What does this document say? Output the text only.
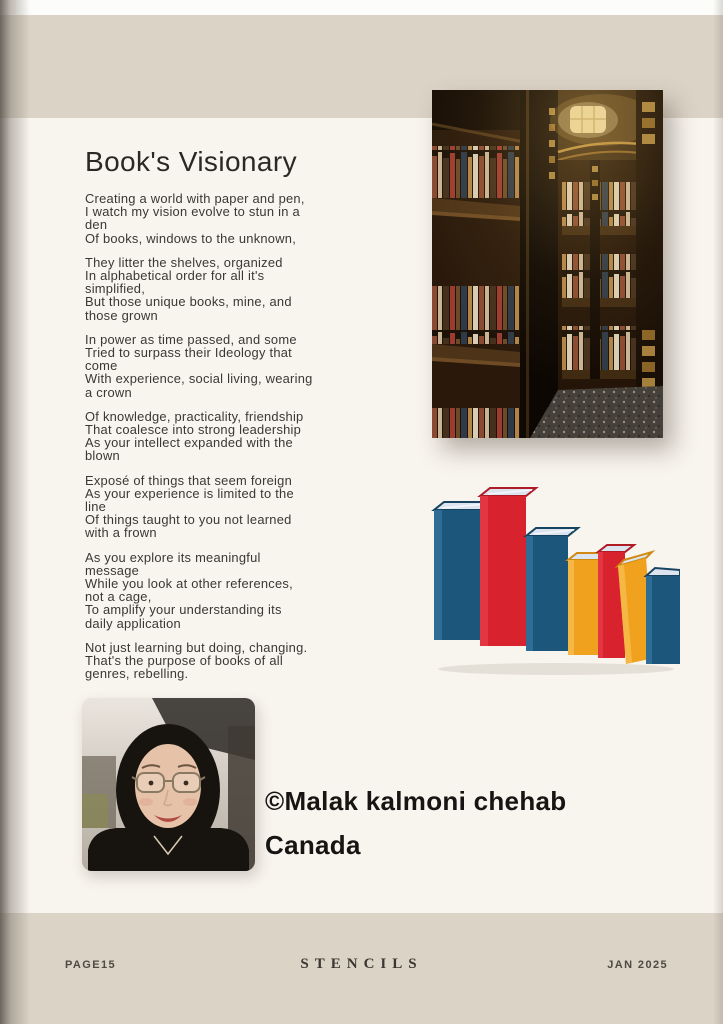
Book's Visionary
Creating a world with paper and pen,
I watch my vision evolve to stun in a
den
Of books, windows to the unknown,
They litter the shelves, organized
In alphabetical order for all it's
simplified,
But those unique books, mine, and
those grown
In power as time passed, and some
Tried to surpass their Ideology that
come
With experience, social living, wearing
a crown
Of knowledge, practicality, friendship
That coalesce into strong leadership
As your intellect expanded with the
blown
Exposé of things that seem foreign
As your experience is limited to the
line
Of things taught to you not learned
with a frown
As you explore its meaningful
message
While you look at other references,
not a cage,
To amplify your understanding its
daily application
Not just learning but doing, changing.
That's the purpose of books of all
genres, rebelling.
©Malak kalmoni chehab
Canada
PAGE15	STENCILS	JAN 2025
